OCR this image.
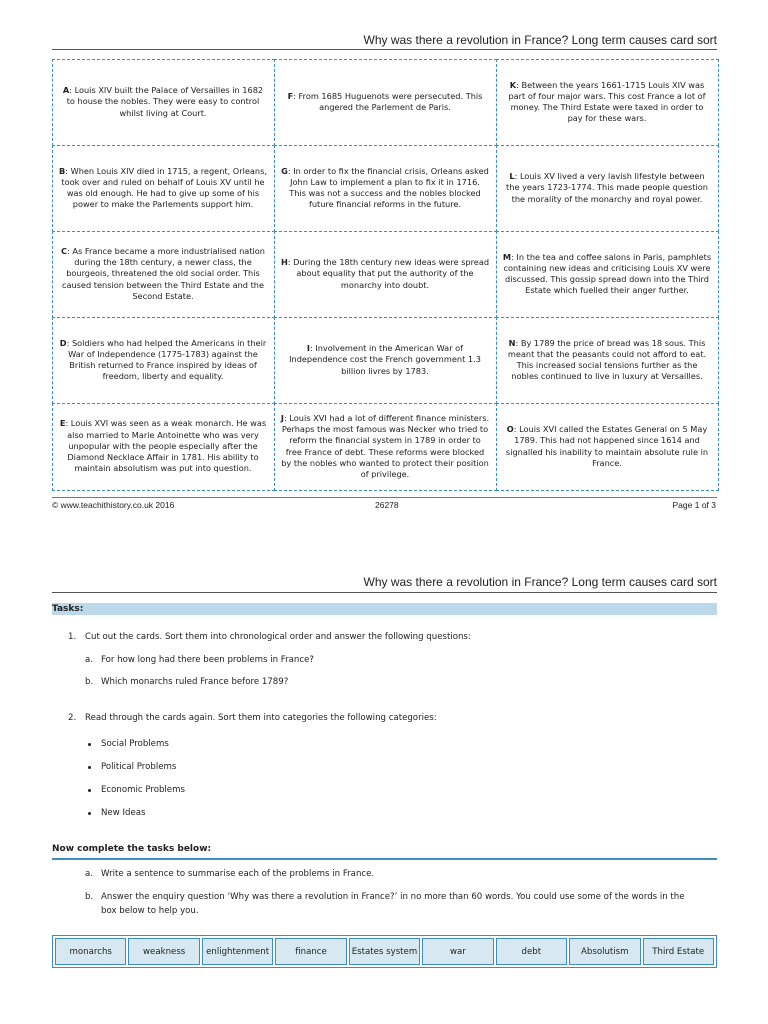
Why was there a revolution in France? Long term causes card sort
A: Louis XIV built the Palace of Versailles in 1682 to house the nobles. They were easy to control whilst living at Court.
F: From 1685 Huguenots were persecuted. This angered the Parlement de Paris.
K: Between the years 1661-1715 Louis XIV was part of four major wars. This cost France a lot of money. The Third Estate were taxed in order to pay for these wars.
B: When Louis XIV died in 1715, a regent, Orleans, took over and ruled on behalf of Louis XV until he was old enough. He had to give up some of his power to make the Parlements support him.
G: In order to fix the financial crisis, Orleans asked John Law to implement a plan to fix it in 1716. This was not a success and the nobles blocked future financial reforms in the future.
L: Louis XV lived a very lavish lifestyle between the years 1723-1774. This made people question the morality of the monarchy and royal power.
C: As France became a more industrialised nation during the 18th century, a newer class, the bourgeois, threatened the old social order. This caused tension between the Third Estate and the Second Estate.
H: During the 18th century new ideas were spread about equality that put the authority of the monarchy into doubt.
M: In the tea and coffee salons in Paris, pamphlets containing new ideas and criticising Louis XV were discussed. This gossip spread down into the Third Estate which fuelled their anger further.
D: Soldiers who had helped the Americans in their War of Independence (1775-1783) against the British returned to France inspired by ideas of freedom, liberty and equality.
I: Involvement in the American War of Independence cost the French government 1.3 billion livres by 1783.
N: By 1789 the price of bread was 18 sous. This meant that the peasants could not afford to eat. This increased social tensions further as the nobles continued to live in luxury at Versailles.
E: Louis XVI was seen as a weak monarch. He was also married to Marie Antoinette who was very unpopular with the people especially after the Diamond Necklace Affair in 1781. His ability to maintain absolutism was put into question.
J: Louis XVI had a lot of different finance ministers. Perhaps the most famous was Necker who tried to reform the financial system in 1789 in order to free France of debt. These reforms were blocked by the nobles who wanted to protect their position of privilege.
O: Louis XVI called the Estates General on 5 May 1789. This had not happened since 1614 and signalled his inability to maintain absolute rule in France.
© www.teachithistory.co.uk 2016	26278	Page 1 of 3
Why was there a revolution in France? Long term causes card sort
Tasks:
1. Cut out the cards. Sort them into chronological order and answer the following questions:
a. For how long had there been problems in France?
b. Which monarchs ruled France before 1789?
2. Read through the cards again. Sort them into categories the following categories:
Social Problems
Political Problems
Economic Problems
New Ideas
Now complete the tasks below:
a. Write a sentence to summarise each of the problems in France.
b. Answer the enquiry question ‘Why was there a revolution in France?’ in no more than 60 words. You could use some of the words in the
box below to help you.
monarchs	weakness	enlightenment	finance	Estates system	war	debt	Absolutism	Third Estate
